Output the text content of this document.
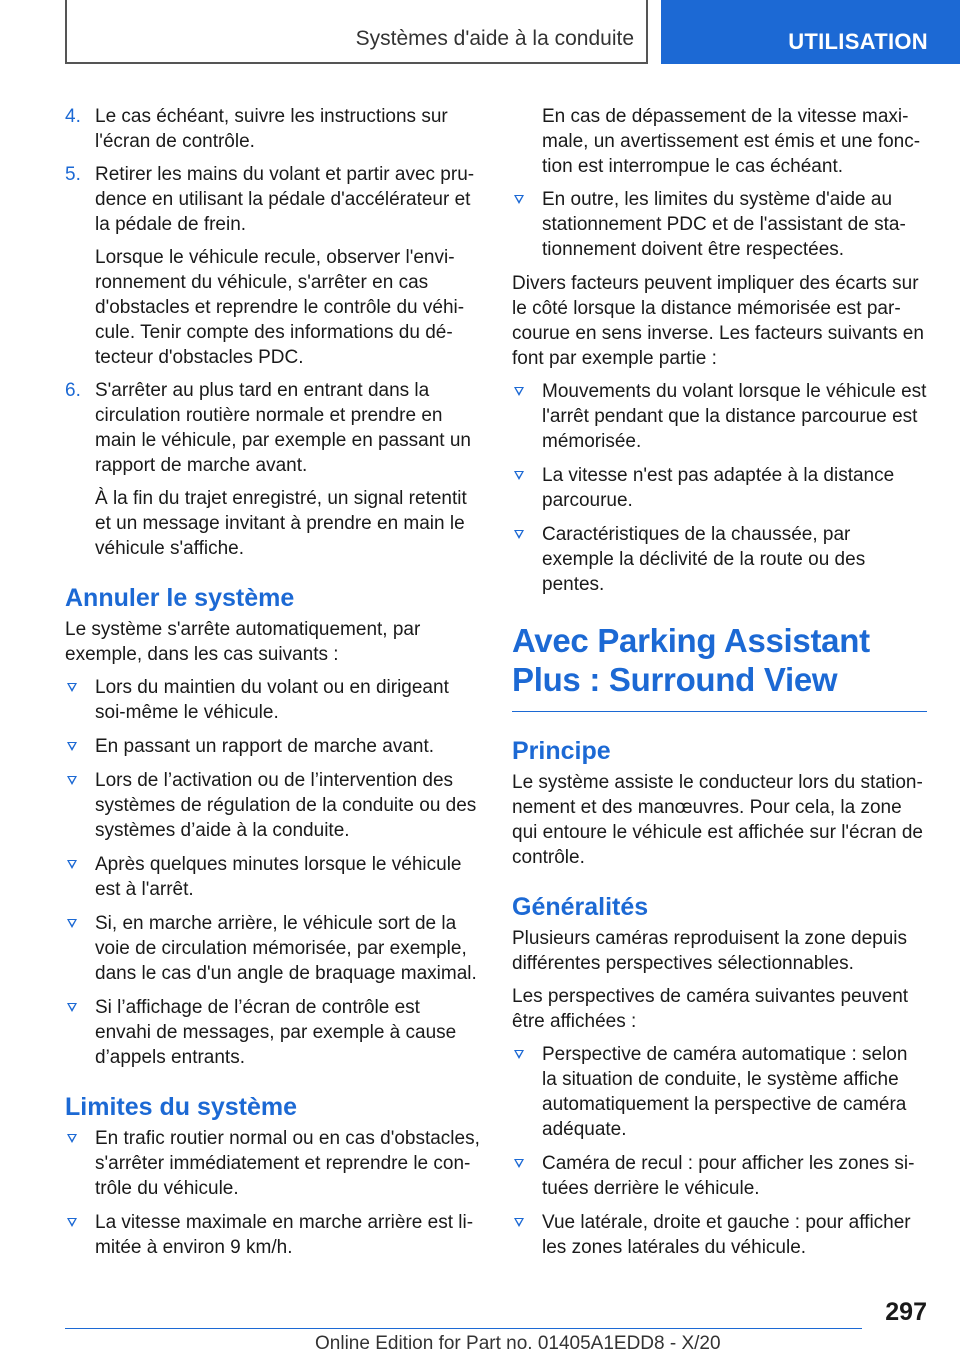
Systèmes d'aide à la conduite	UTILISATION
4. Le cas échéant, suivre les instructions sur l'écran de contrôle.

5. Retirer les mains du volant et partir avec prudence en utilisant la pédale d'accélérateur et la pédale de frein.

Lorsque le véhicule recule, observer l'environnement du véhicule, s'arrêter en cas d'obstacles et reprendre le contrôle du véhicule. Tenir compte des informations du détecteur d'obstacles PDC.

6. S'arrêter au plus tard en entrant dans la circulation routière normale et prendre en main le véhicule, par exemple en passant un rapport de marche avant.

À la fin du trajet enregistré, un signal retentit et un message invitant à prendre en main le véhicule s'affiche.

Annuler le système

Le système s'arrête automatiquement, par exemple, dans les cas suivants :

Lors du maintien du volant ou en dirigeant soi-même le véhicule.
En passant un rapport de marche avant.
Lors de l’activation ou de l’intervention des systèmes de régulation de la conduite ou des systèmes d’aide à la conduite.
Après quelques minutes lorsque le véhicule est à l'arrêt.
Si, en marche arrière, le véhicule sort de la voie de circulation mémorisée, par exemple, dans le cas d'un angle de braquage maximal.
Si l’affichage de l’écran de contrôle est envahi de messages, par exemple à cause d’appels entrants.
Limites du système
En trafic routier normal ou en cas d'obstacles, s'arrêter immédiatement et reprendre le contrôle du véhicule.
La vitesse maximale en marche arrière est limitée à environ 9 km/h.

En cas de dépassement de la vitesse maximale, un avertissement est émis et une fonction est interrompue le cas échéant.

En outre, les limites du système d'aide au stationnement PDC et de l'assistant de stationnement doivent être respectées.

Divers facteurs peuvent impliquer des écarts sur le côté lorsque la distance mémorisée est parcourue en sens inverse. Les facteurs suivants en font par exemple partie :

Mouvements du volant lorsque le véhicule est l'arrêt pendant que la distance parcourue est mémorisée.
La vitesse n'est pas adaptée à la distance parcourue.
Caractéristiques de la chaussée, par exemple la déclivité de la route ou des pentes.
Avec Parking Assistant
Plus : Surround View
Principe

Le système assiste le conducteur lors du stationnement et des manœuvres. Pour cela, la zone qui entoure le véhicule est affichée sur l'écran de contrôle.

Généralités

Plusieurs caméras reproduisent la zone depuis différentes perspectives sélectionnables.

Les perspectives de caméra suivantes peuvent être affichées :

Perspective de caméra automatique : selon la situation de conduite, le système affiche automatiquement la perspective de caméra adéquate.
Caméra de recul : pour afficher les zones situées derrière le véhicule.
Vue latérale, droite et gauche : pour afficher les zones latérales du véhicule.
297
Online Edition for Part no. 01405A1EDD8 - X/20
